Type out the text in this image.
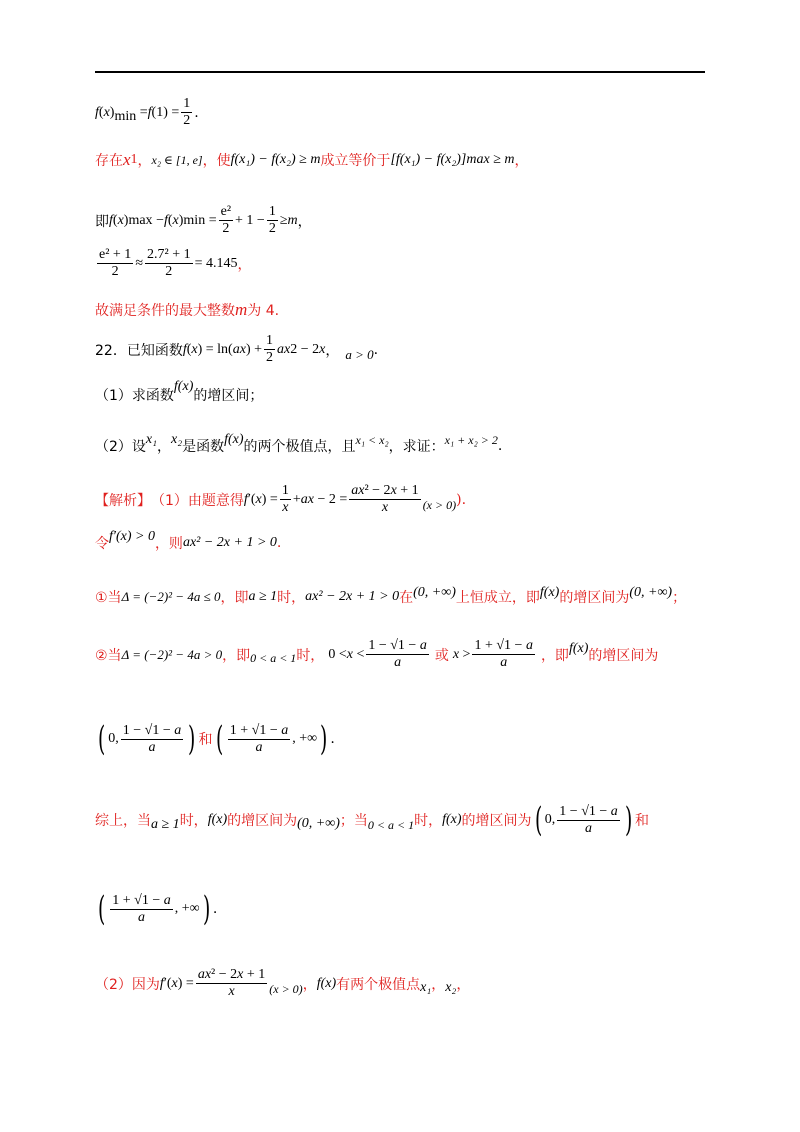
f ( x )$_{min} = f$ $(1) = \frac{1}{2}$ .
存在 x 1 ， x₂ ∈ [1, e] ，使 f(x₁) − f(x₂) ≥ m 成立等价于 [f(x₁) − f(x₂)]max ≥ m ，
即 f ( x ) max − f ( x ) $\min = \frac{\text{e²}}{2} + 1 - \frac{1}{2} \ge m$ ，
$\frac{\text{e² + 1}}{2} \approx \frac{\text{2.7² + 1}}{2} = 4.145$ ，
故满足条件的最大整数 m 为 4.
22．已知函数 f ( x ) = ln( ax ) + $\frac{1}{2}$ ax 2 − 2 x ， a > 0 .
（1）求函数
f(x)
的增区间；
（2）设 x₁ ， x₂ 是函数 f(x) 的两个极值点，且 x₁ < x₂ ，求证： x₁ + x₂ > 2 .
【解析】 （1）由题意得 f ′( x ) = $\frac{1}{x}$ + ax − $2 = \frac{\text{ax² − 2x + 1}}{x} (x > 0)$ ).
令 f′(x) > 0 ，则 ax² − 2x + 1 > 0 .
①当 Δ = (−2)² − 4a ≤ 0 ，即 a ≥ 1 时， ax² − 2x + 1 > 0 在 (0, +∞) 上恒成立，即 f(x) 的增区间为 (0, +∞) ；
②当 Δ = (−2)² − 4a > 0 ，即 0 < a < 1 时， $0 < x < \frac{1 - √1 - a}{a}$ 或 $x > \frac{1 + √1 - a}{a}$ ，即 f(x) 的增区间为
( 0, $\frac{1 - √1 - a}{a}$ ) 和 ( $\frac{1 + √1 - a}{a}$ , +∞ ) .
综上，当 a ≥ 1 时， f(x) 的增区间为 (0, +∞) ；当 0 < a < 1 时， f(x) 的增区间为 ( 0, $\frac{1 - √1 - a}{a}$ ) 和
( $\frac{1 + √1 - a}{a}$ , +∞ ) .
（2）因为 f ′( x ) = $\frac{\text{ax² − 2x + 1}}{x} (x > 0)$ ， f(x) 有两个极值点 x₁ ， x₂ ，
